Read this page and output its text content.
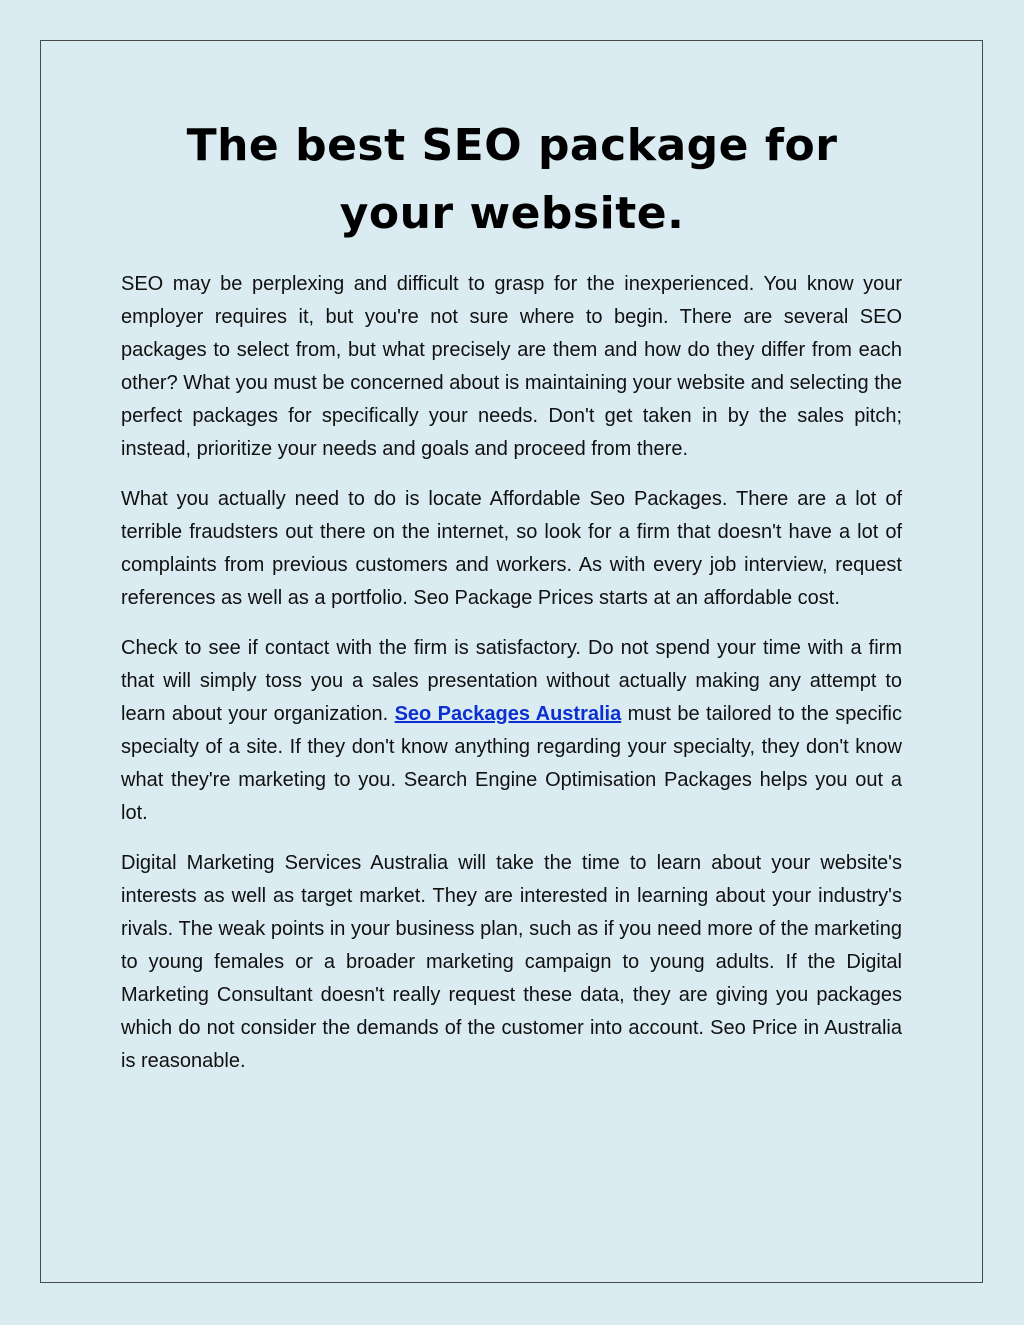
The best SEO package for
your website.

SEO may be perplexing and difficult to grasp for the inexperienced. You know your employer requires it, but you're not sure where to begin. There are several SEO packages to select from, but what precisely are them and how do they differ from each other? What you must be concerned about is maintaining your website and selecting the perfect packages for specifically your needs. Don't get taken in by the sales pitch; instead, prioritize your needs and goals and proceed from there.

What you actually need to do is locate Affordable Seo Packages. There are a lot of terrible fraudsters out there on the internet, so look for a firm that doesn't have a lot of complaints from previous customers and workers. As with every job interview, request references as well as a portfolio. Seo Package Prices starts at an affordable cost.

Check to see if contact with the firm is satisfactory. Do not spend your time with a firm that will simply toss you a sales presentation without actually making any attempt to learn about your organization. Seo Packages Australia must be tailored to the specific specialty of a site. If they don't know anything regarding your specialty, they don't know what they're marketing to you. Search Engine Optimisation Packages helps you out a lot.

Digital Marketing Services Australia will take the time to learn about your website's interests as well as target market. They are interested in learning about your industry's rivals. The weak points in your business plan, such as if you need more of the marketing to young females or a broader marketing campaign to young adults. If the Digital Marketing Consultant doesn't really request these data, they are giving you packages which do not consider the demands of the customer into account. Seo Price in Australia is reasonable.
